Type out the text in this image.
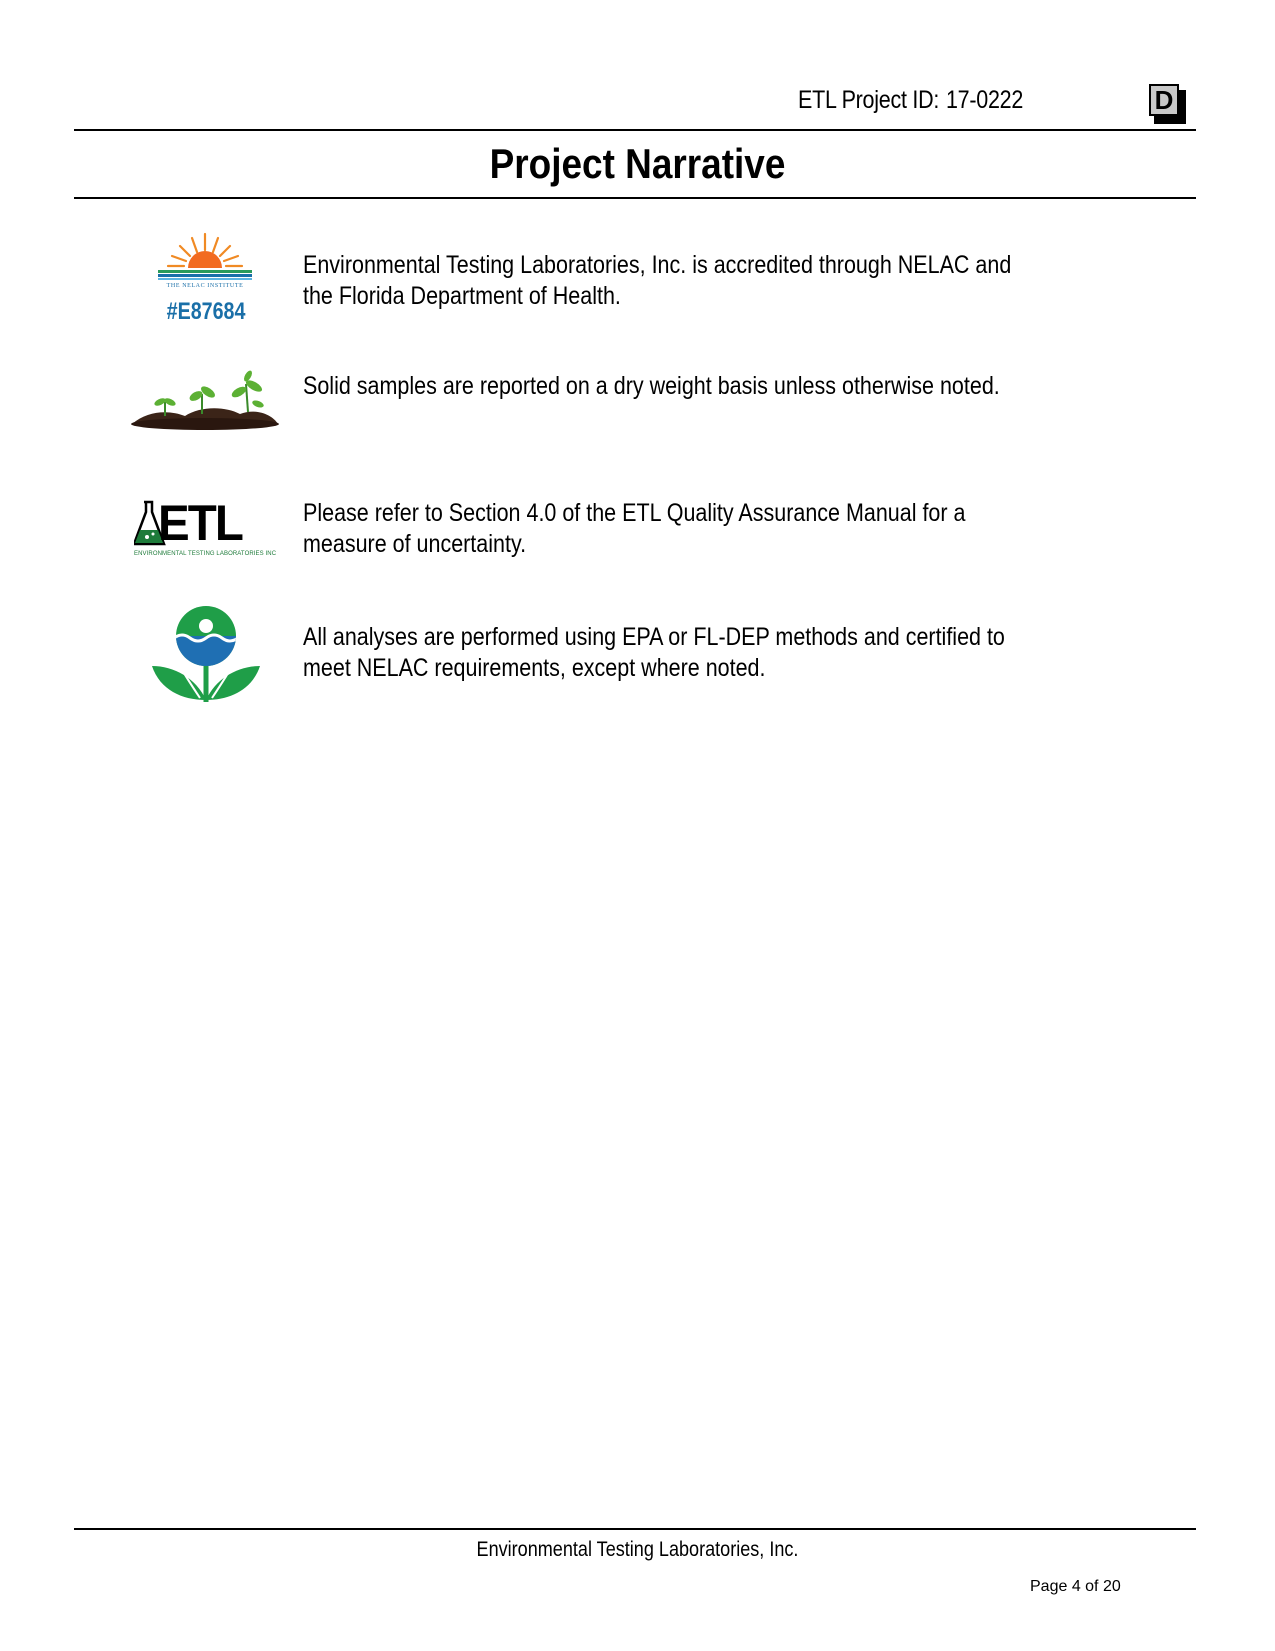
ETL Project ID: 17-0222	D
Project Narrative
THE NELAC INSTITUTE
#E87684
Environmental Testing Laboratories, Inc. is accredited through NELAC and the Florida Department of Health.
Solid samples are reported on a dry weight basis unless otherwise noted.
ETL
ENVIRONMENTAL TESTING LABORATORIES INC
Please refer to Section 4.0 of the ETL Quality Assurance Manual for a measure of uncertainty.
All analyses are performed using EPA or FL-DEP methods and certified to meet NELAC requirements, except where noted.
Environmental Testing Laboratories, Inc.
Page 4 of 20
